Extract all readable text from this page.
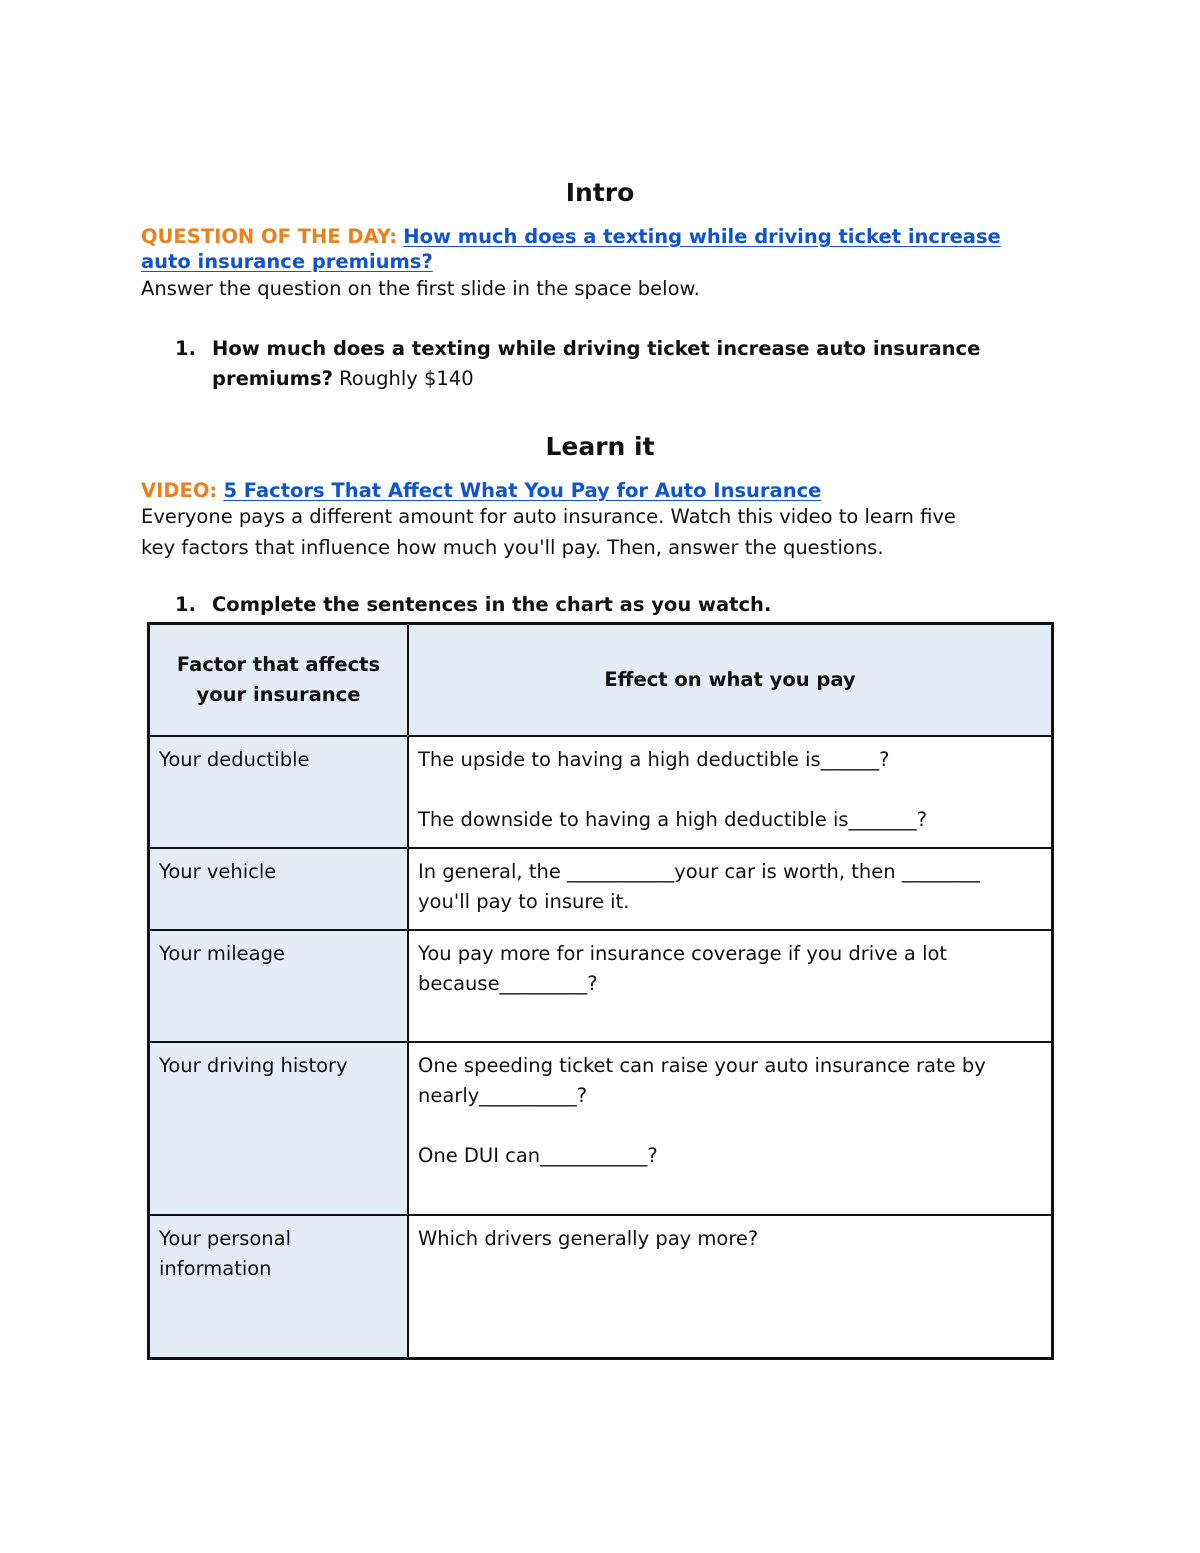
Intro
QUESTION OF THE DAY: How much does a texting while driving ticket increase
auto insurance premiums?
Answer the question on the first slide in the space below.
1. How much does a texting while driving ticket increase auto insurance
premiums? Roughly $140
Learn it
VIDEO: 5 Factors That Affect What You Pay for Auto Insurance
Everyone pays a different amount for auto insurance. Watch this video to learn five
key factors that influence how much you'll pay. Then, answer the questions.
1. Complete the sentences in the chart as you watch.
Factor that affects
your insurance	Effect on what you pay
Your deductible	The upside to having a high deductible is______?
The downside to having a high deductible is_______?

Your vehicle	In general, the ___________your car is worth, then ________
you'll pay to insure it.

Your mileage	You pay more for insurance coverage if you drive a lot
because_________?

Your driving history	One speeding ticket can raise your auto insurance rate by
nearly__________?
One DUI can___________?

Your personal
information	Which drivers generally pay more?
